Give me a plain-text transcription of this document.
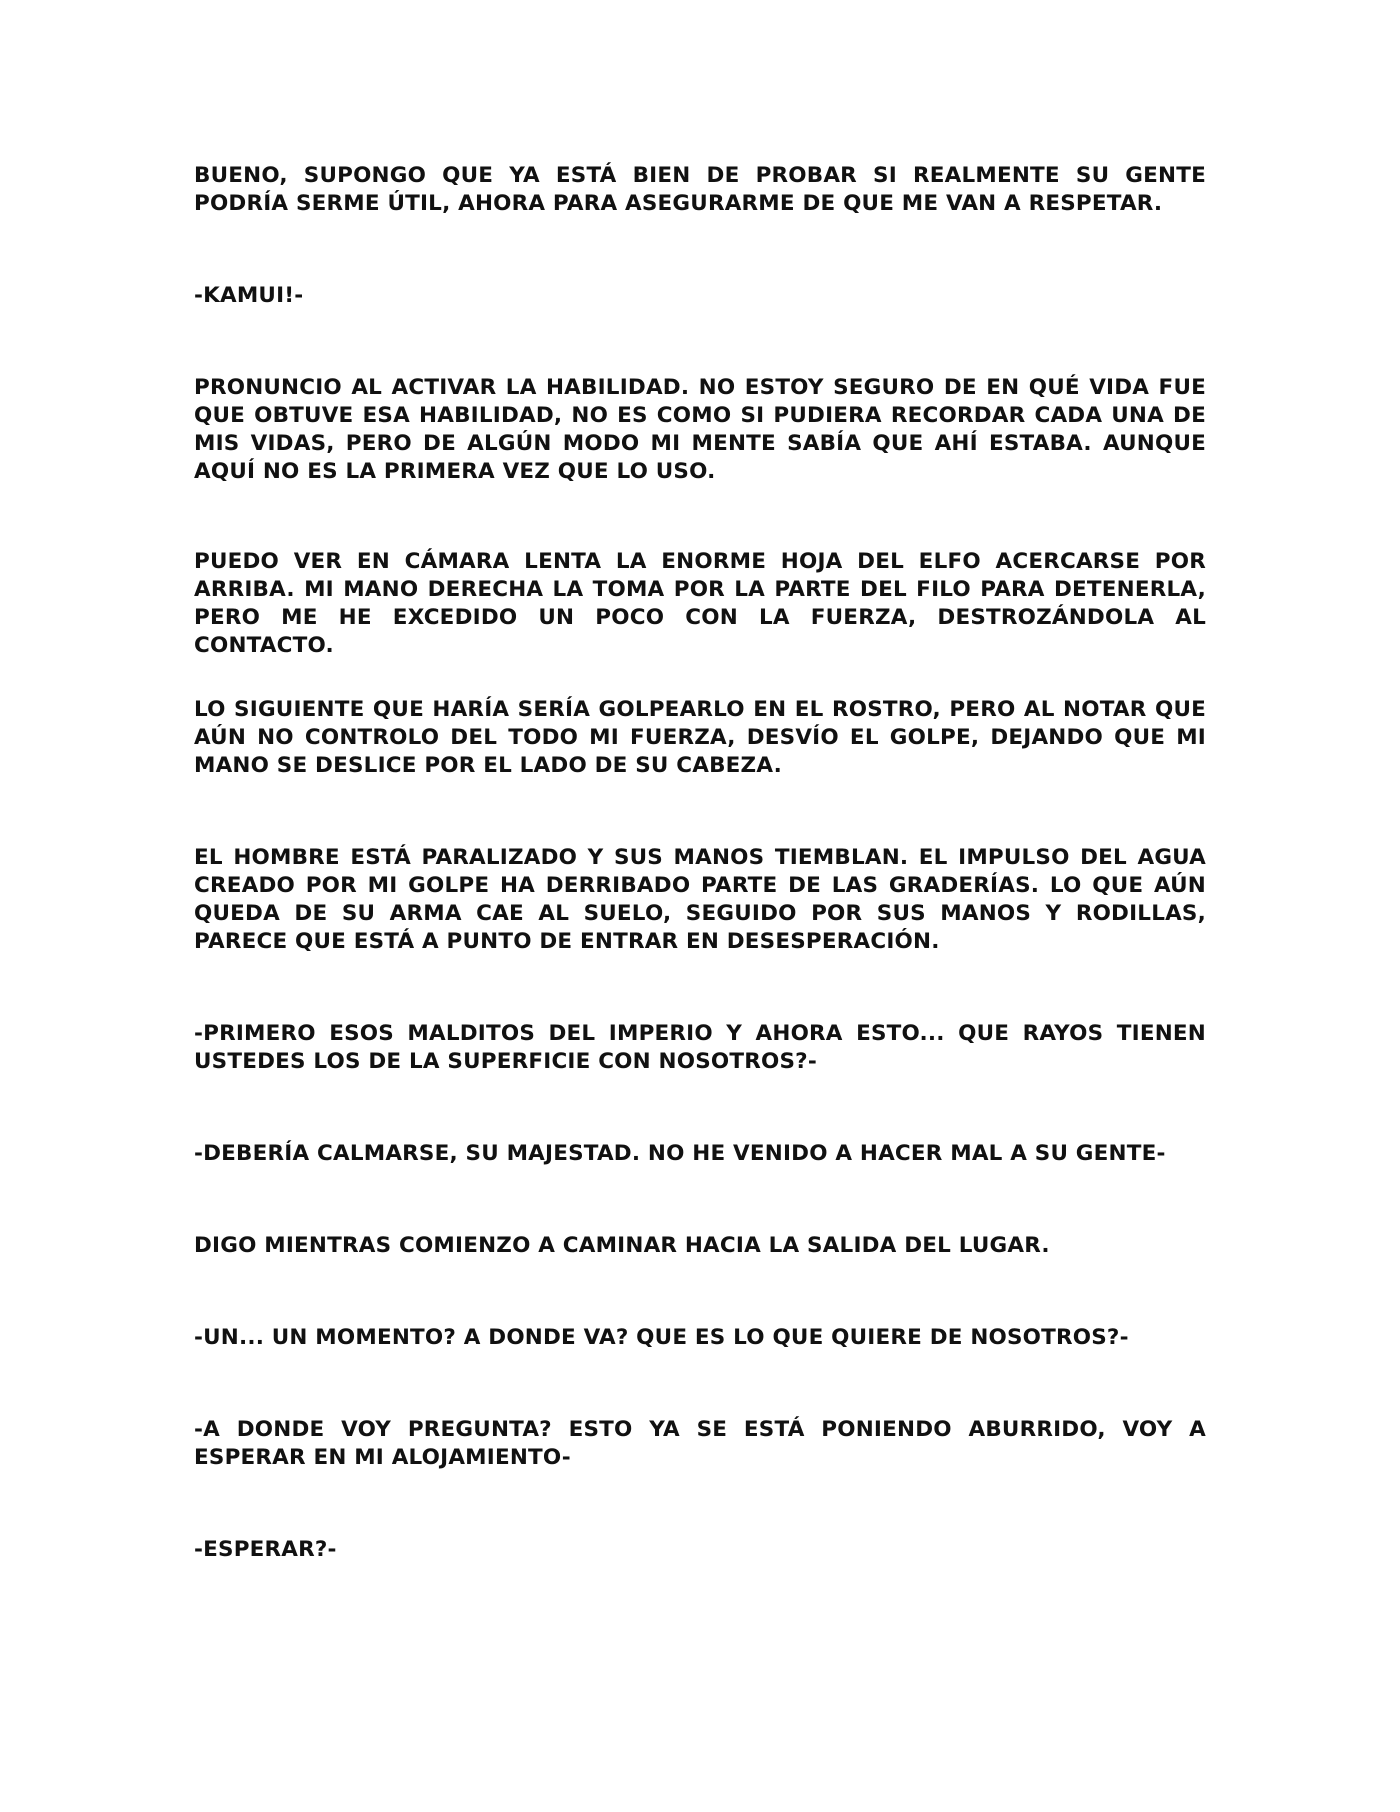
BUENO, SUPONGO QUE YA ESTÁ BIEN DE PROBAR SI REALMENTE SU GENTE PODRÍA SERME ÚTIL, AHORA PARA ASEGURARME DE QUE ME VAN A RESPETAR.

-KAMUI!-

PRONUNCIO AL ACTIVAR LA HABILIDAD. NO ESTOY SEGURO DE EN QUÉ VIDA FUE QUE OBTUVE ESA HABILIDAD, NO ES COMO SI PUDIERA RECORDAR CADA UNA DE MIS VIDAS, PERO DE ALGÚN MODO MI MENTE SABÍA QUE AHÍ ESTABA. AUNQUE AQUÍ NO ES LA PRIMERA VEZ QUE LO USO.

PUEDO VER EN CÁMARA LENTA LA ENORME HOJA DEL ELFO ACERCARSE POR ARRIBA. MI MANO DERECHA LA TOMA POR LA PARTE DEL FILO PARA DETENERLA, PERO ME HE EXCEDIDO UN POCO CON LA FUERZA, DESTROZÁNDOLA AL CONTACTO.

LO SIGUIENTE QUE HARÍA SERÍA GOLPEARLO EN EL ROSTRO, PERO AL NOTAR QUE AÚN NO CONTROLO DEL TODO MI FUERZA, DESVÍO EL GOLPE, DEJANDO QUE MI MANO SE DESLICE POR EL LADO DE SU CABEZA.

EL HOMBRE ESTÁ PARALIZADO Y SUS MANOS TIEMBLAN. EL IMPULSO DEL AGUA CREADO POR MI GOLPE HA DERRIBADO PARTE DE LAS GRADERÍAS. LO QUE AÚN QUEDA DE SU ARMA CAE AL SUELO, SEGUIDO POR SUS MANOS Y RODILLAS, PARECE QUE ESTÁ A PUNTO DE ENTRAR EN DESESPERACIÓN.

-PRIMERO ESOS MALDITOS DEL IMPERIO Y AHORA ESTO... QUE RAYOS TIENEN USTEDES LOS DE LA SUPERFICIE CON NOSOTROS?-

-DEBERÍA CALMARSE, SU MAJESTAD. NO HE VENIDO A HACER MAL A SU GENTE-

DIGO MIENTRAS COMIENZO A CAMINAR HACIA LA SALIDA DEL LUGAR.

-UN... UN MOMENTO? A DONDE VA? QUE ES LO QUE QUIERE DE NOSOTROS?-

-A DONDE VOY PREGUNTA? ESTO YA SE ESTÁ PONIENDO ABURRIDO, VOY A ESPERAR EN MI ALOJAMIENTO-

-ESPERAR?-
